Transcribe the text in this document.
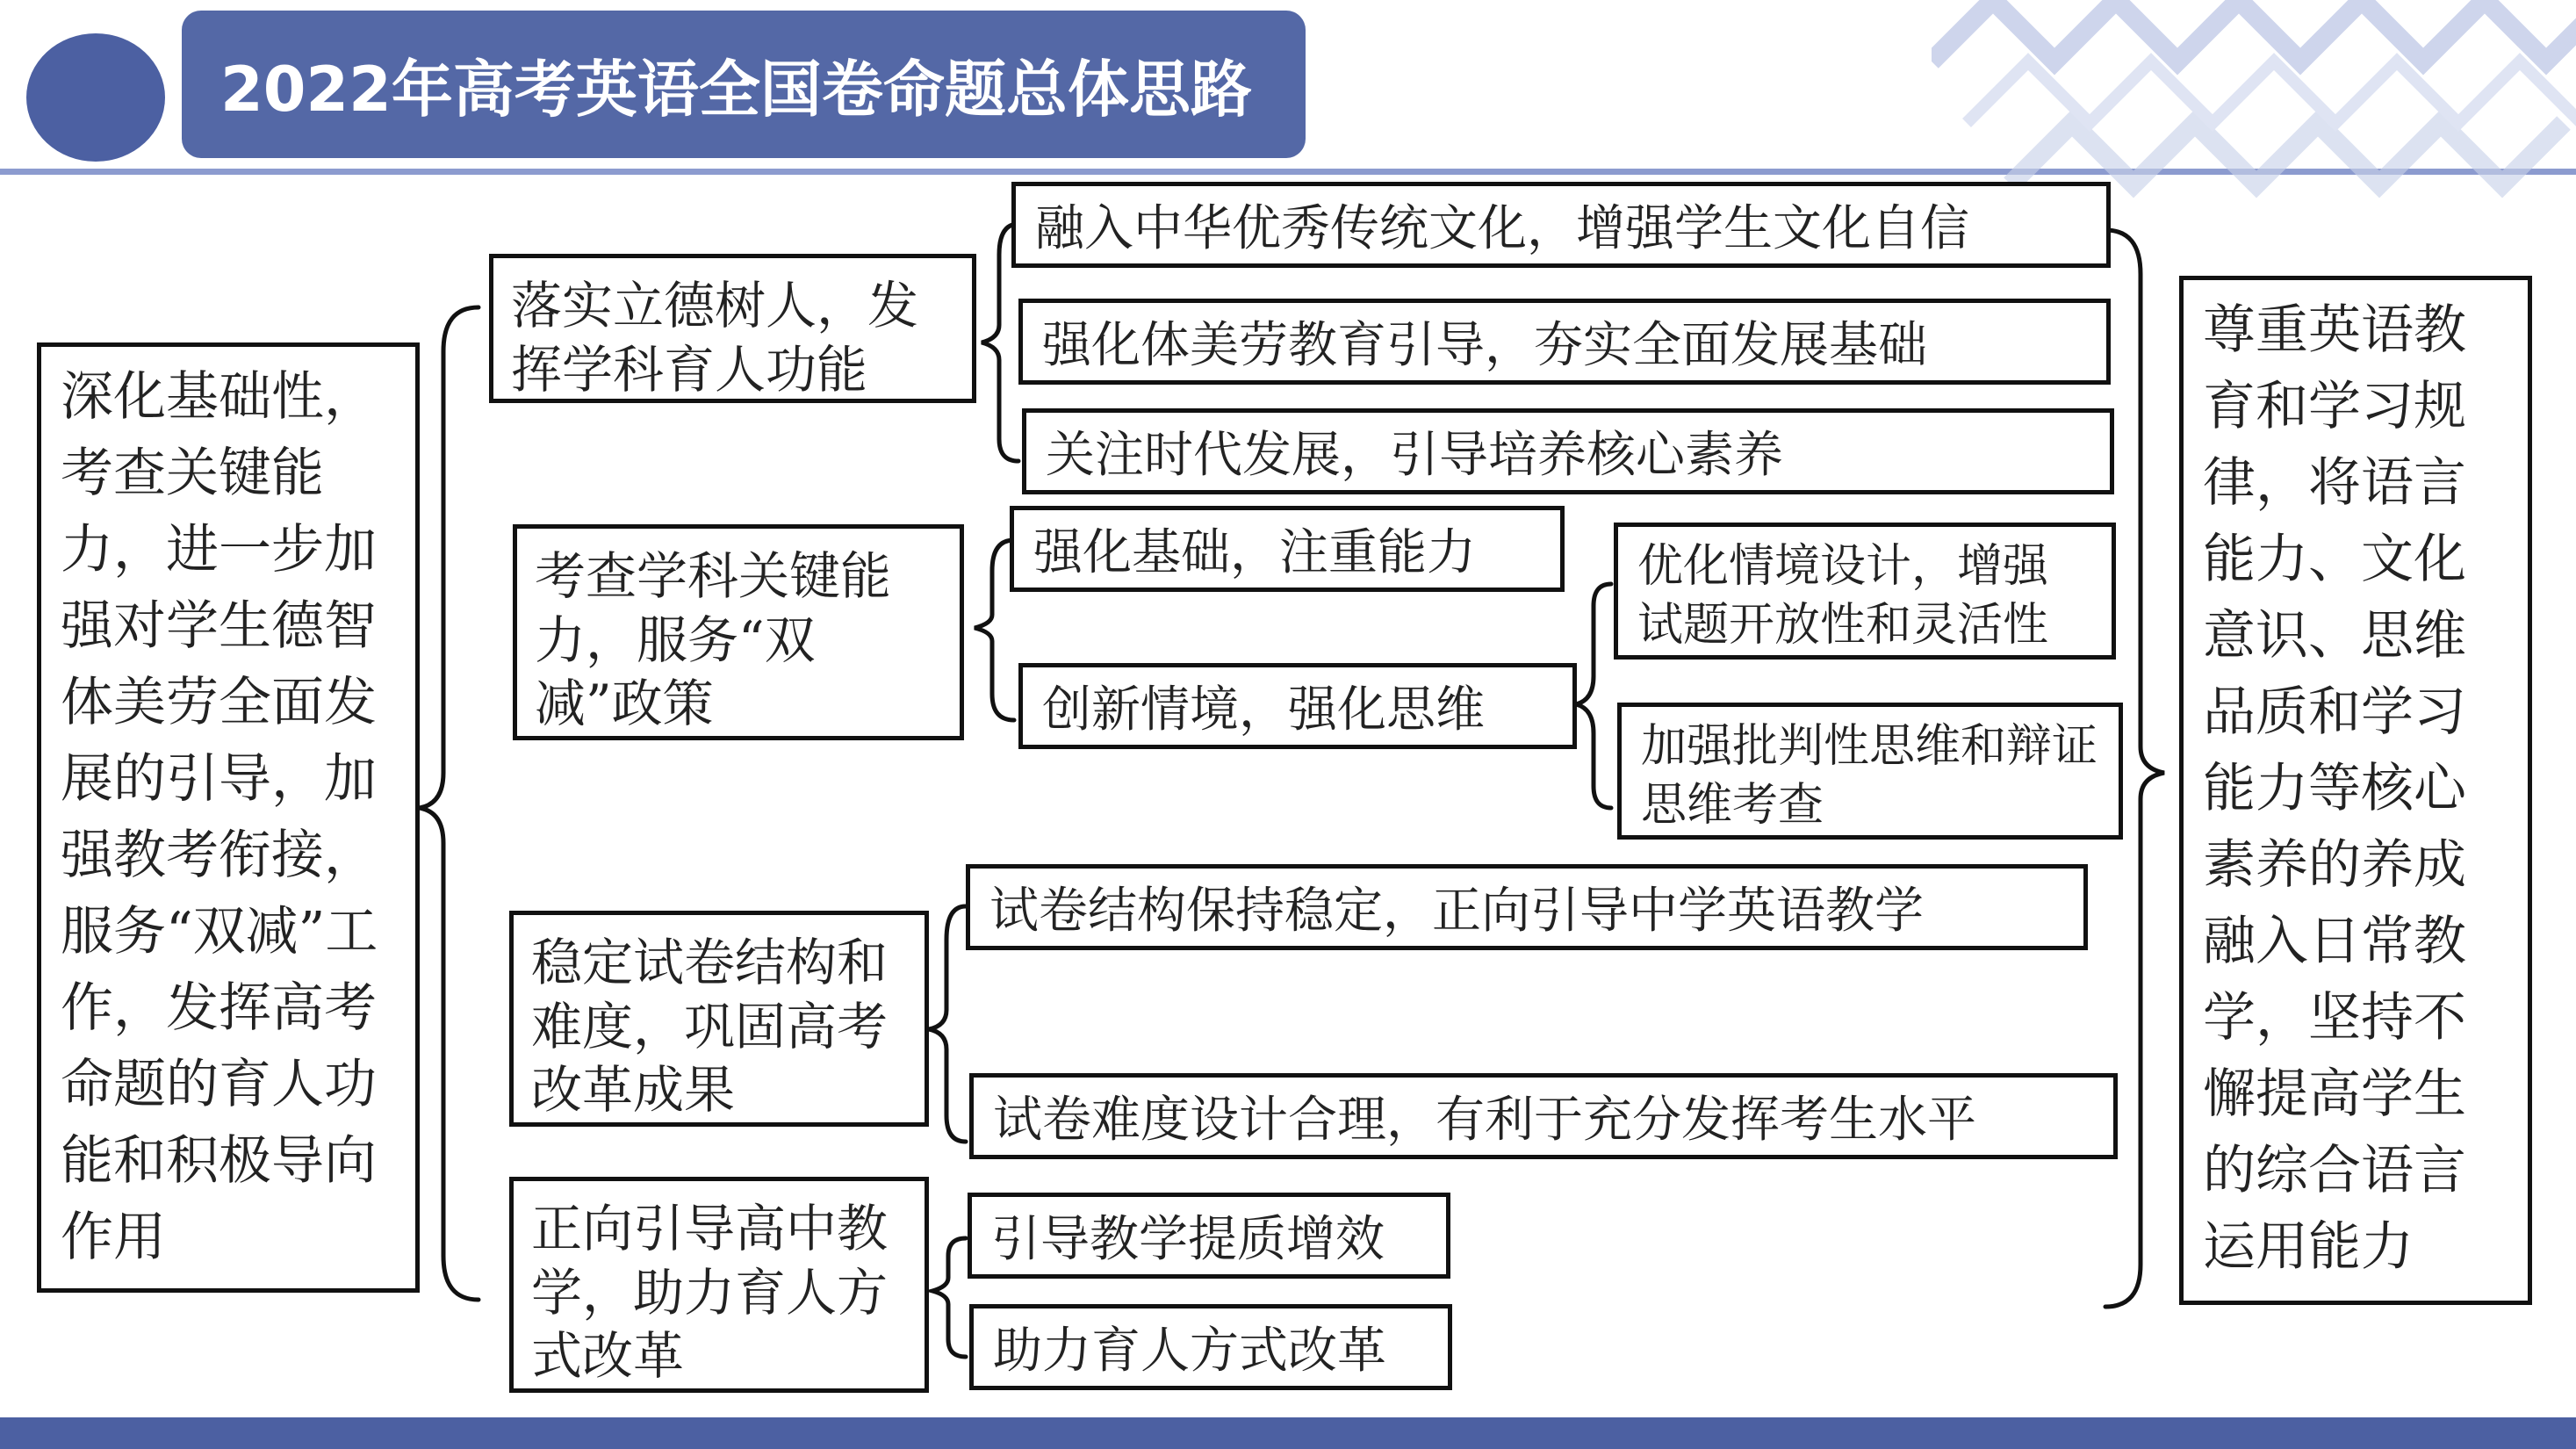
2022年高考英语全国卷命题总体思路
深化基础性，考查关键能力，进一步加强对学生德智体美劳全面发展的引导，加强教考衔接，服务“双减”工作，发挥高考命题的育人功能和积极导向作用
尊重英语教育和学习规律，将语言能力、文化意识、思维品质和学习能力等核心素养的养成融入日常教学，坚持不懈提高学生的综合语言运用能力
落实立德树人，发挥学科育人功能
融入中华优秀传统文化，增强学生文化自信
强化体美劳教育引导，夯实全面发展基础
关注时代发展，引导培养核心素养
考查学科关键能力，服务“双减”政策
强化基础，注重能力
创新情境，强化思维
优化情境设计，增强试题开放性和灵活性
加强批判性思维和辩证思维考查
稳定试卷结构和难度，巩固高考改革成果
试卷结构保持稳定，正向引导中学英语教学
试卷难度设计合理，有利于充分发挥考生水平
正向引导高中教学，助力育人方式改革
引导教学提质增效
助力育人方式改革
